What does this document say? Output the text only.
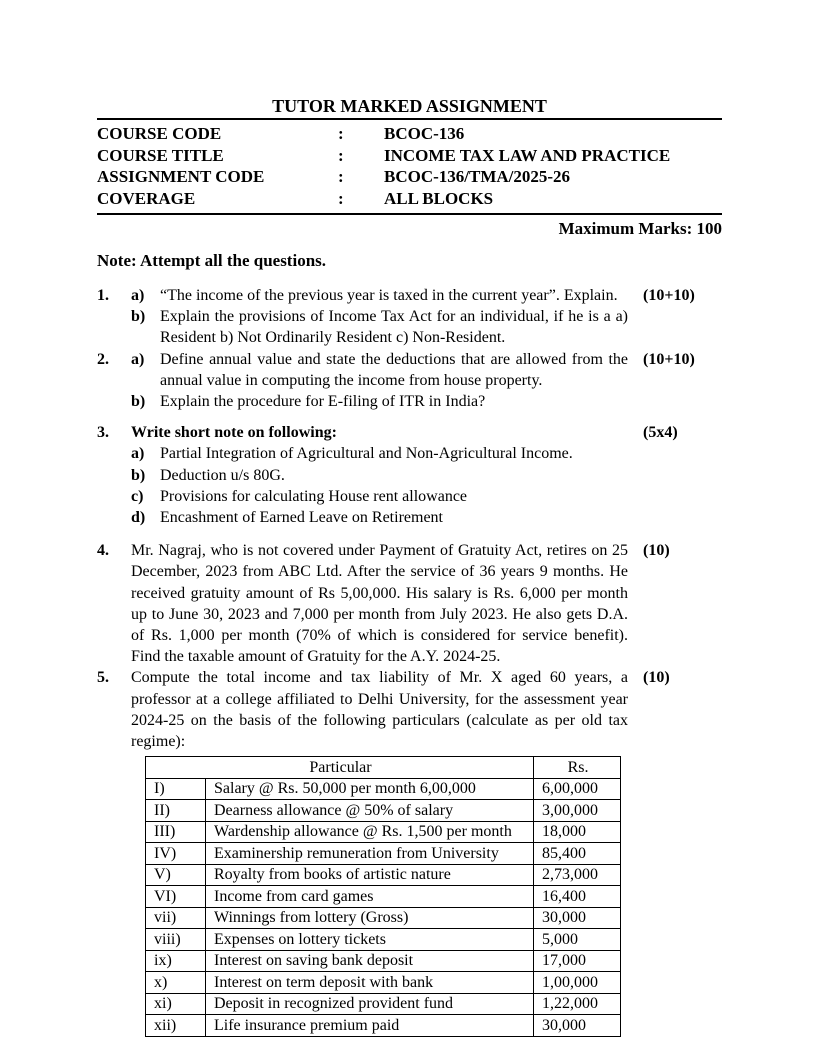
TUTOR MARKED ASSIGNMENT
COURSE CODE	:	BCOC-136
COURSE TITLE	:	INCOME TAX LAW AND PRACTICE
ASSIGNMENT CODE	:	BCOC-136/TMA/2025-26
COVERAGE	:	ALL BLOCKS
Maximum Marks: 100
Note: Attempt all the questions.
1.	a) “The income of the previous year is taxed in the current year”. Explain.
b) Explain the provisions of Income Tax Act for an individual, if he is a a) Resident b) Not Ordinarily Resident c) Non-Resident.
(10+10)
2.	a) Define annual value and state the deductions that are allowed from the annual value in computing the income from house property.
b) Explain the procedure for E-filing of ITR in India?
(10+10)
3.	Write short note on following:
a) Partial Integration of Agricultural and Non-Agricultural Income.
b) Deduction u/s 80G.
c)	Provisions for calculating House rent allowance
d) Encashment of Earned Leave on Retirement
(5x4)
4.	Mr. Nagraj, who is not covered under Payment of Gratuity Act, retires on 25 December, 2023 from ABC Ltd. After the service of 36 years 9 months. He received gratuity amount of Rs 5,00,000. His salary is Rs. 6,000 per month up to June 30, 2023 and 7,000 per month from July 2023. He also gets D.A. of Rs. 1,000 per month (70% of which is considered for service benefit). Find the taxable amount of Gratuity for the A.Y. 2024-25.
(10)
5.	Compute the total income and tax liability of Mr. X aged 60 years, a professor at a college affiliated to Delhi University, for the assessment year 2024-25 on the basis of the following particulars (calculate as per old tax regime):
(10)
Particular		Rs.
I)	Salary @ Rs. 50,000 per month 6,00,000	6,00,000
II)	Dearness allowance @ 50% of salary	3,00,000
III)	Wardenship allowance @ Rs. 1,500 per month	18,000
IV)	Examinership remuneration from University	85,400
V)	Royalty from books of artistic nature	2,73,000
VI)	Income from card games	16,400
vii)	Winnings from lottery (Gross)	30,000
viii)	Expenses on lottery tickets	5,000
ix)	Interest on saving bank deposit	17,000
x)	Interest on term deposit with bank	1,00,000
xi)	Deposit in recognized provident fund	1,22,000
xii)	Life insurance premium paid	30,000
